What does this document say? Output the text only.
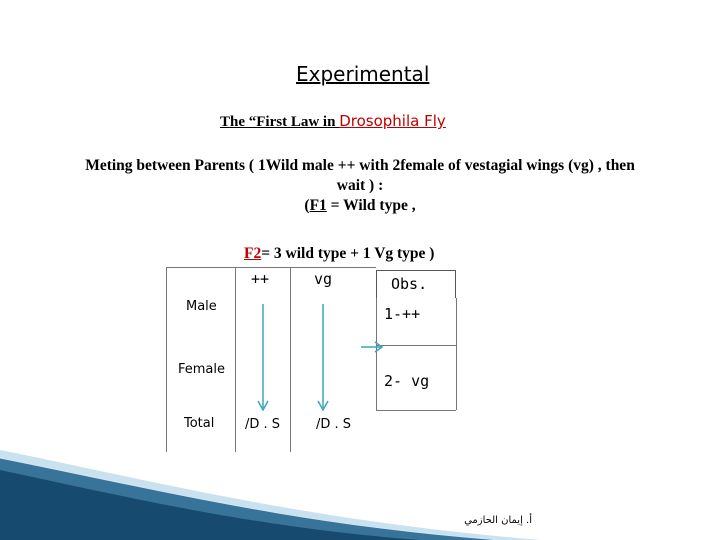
Experimental
The “First Law in Drosophila Fly
Meting between Parents ( 1Wild male ++ with 2female of vestagial wings (vg) , then
wait ) :
(F1 = Wild type ,
F2= 3 wild type + 1 Vg type )
Obs.
++	vg
Male
Female
Total
1-++
2- vg
/D . S	/D . S
أ. إيمان الحازمي
